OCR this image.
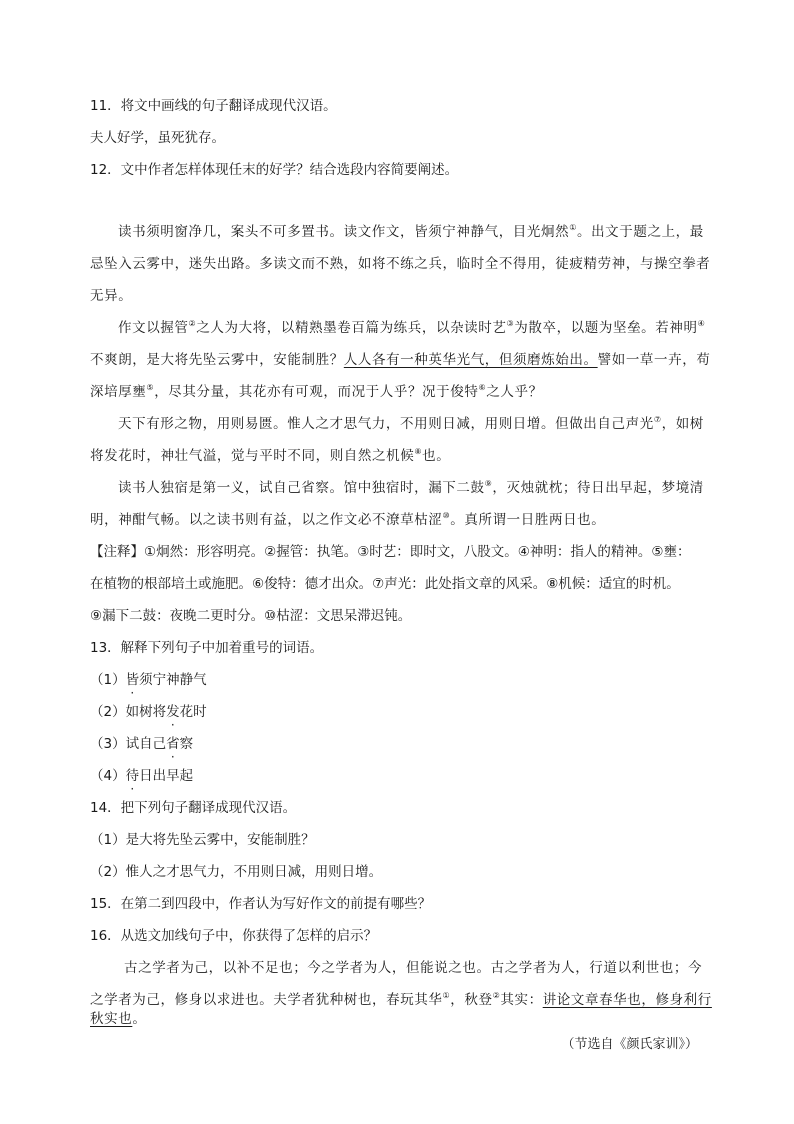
11．将文中画线的句子翻译成现代汉语。
夫人好学，虽死犹存。
12．文中作者怎样体现任末的好学？结合选段内容简要阐述。
读书须明窗净几，案头不可多置书。读文作文，皆须宁神静气，目光炯然①。出文于题之上，最
忌坠入云雾中，迷失出路。多读文而不熟，如将不练之兵，临时全不得用，徒疲精劳神，与操空拳者
无异。
作文以握管②之人为大将，以精熟墨卷百篇为练兵，以杂读时艺③为散卒，以题为坚垒。若神明④
不爽朗，是大将先坠云雾中，安能制胜？人人各有一种英华光气，但须磨炼始出。譬如一草一卉，苟
深培厚壅⑤，尽其分量，其花亦有可观，而况于人乎？况于俊特⑥之人乎？
天下有形之物，用则易匮。惟人之才思气力，不用则日减，用则日增。但做出自己声光⑦，如树
将发花时，神壮气溢，觉与平时不同，则自然之机候⑧也。
读书人独宿是第一义，试自己省察。馆中独宿时，漏下二鼓⑨，灭烛就枕；待日出早起，梦境清
明，神酣气畅。以之读书则有益，以之作文必不潦草枯涩⑩。真所谓一日胜两日也。
【注释】①炯然：形容明亮。②握管：执笔。③时艺：即时文，八股文。④神明：指人的精神。⑤壅：
在植物的根部培土或施肥。⑥俊特：德才出众。⑦声光：此处指文章的风采。⑧机候：适宜的时机。
⑨漏下二鼓：夜晚二更时分。⑩枯涩：文思呆滞迟钝。
13．解释下列句子中加着重号的词语。
（1）皆须宁神静气
（2）如树将发花时
（3）试自己省察
（4）待日出早起
14．把下列句子翻译成现代汉语。
（1）是大将先坠云雾中，安能制胜？
（2）惟人之才思气力，不用则日减，用则日增。
15．在第二到四段中，作者认为写好作文的前提有哪些？
16．从选文加线句子中，你获得了怎样的启示？
古之学者为己，以补不足也；今之学者为人，但能说之也。古之学者为人，行道以利世也；今
之学者为己，修身以求进也。夫学者犹种树也，春玩其华①，秋登②其实：讲论文章春华也，修身利行
秋实也。
（节选自《颜氏家训》）
